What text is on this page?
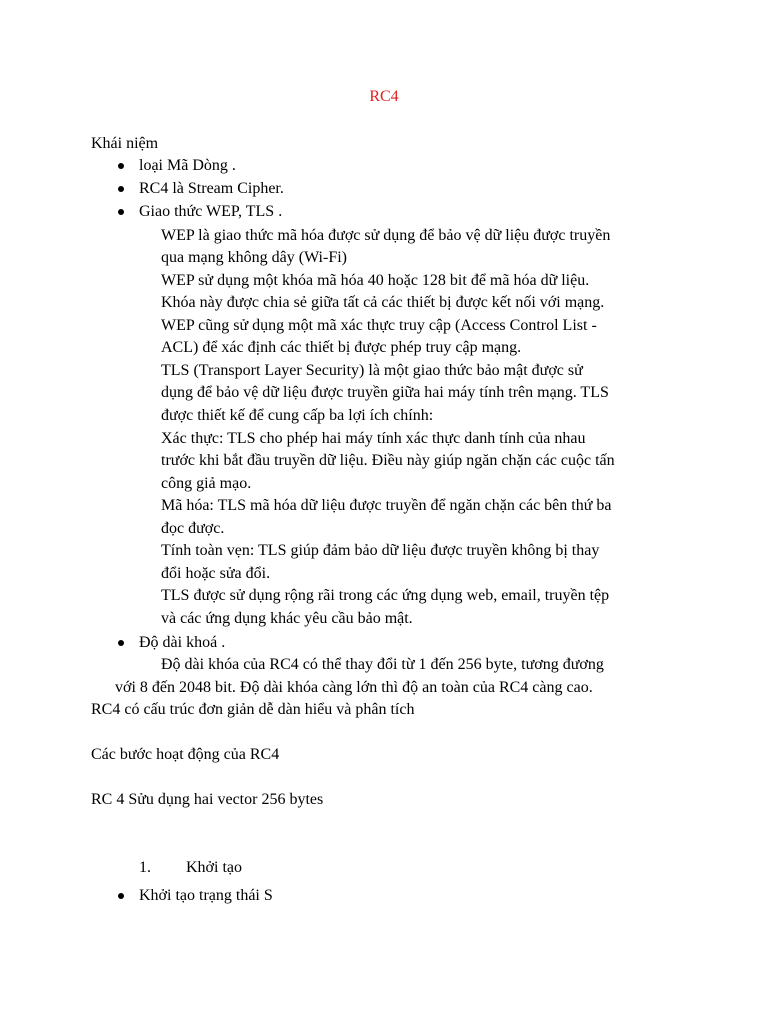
RC4
Khái niệm
loại Mã Dòng .
RC4 là Stream Cipher.
Giao thức WEP, TLS .
WEP là giao thức mã hóa được sử dụng để bảo vệ dữ liệu được truyền
qua mạng không dây (Wi-Fi)
WEP sử dụng một khóa mã hóa 40 hoặc 128 bit để mã hóa dữ liệu.
Khóa này được chia sẻ giữa tất cả các thiết bị được kết nối với mạng.
WEP cũng sử dụng một mã xác thực truy cập (Access Control List -
ACL) để xác định các thiết bị được phép truy cập mạng.
TLS (Transport Layer Security) là một giao thức bảo mật được sử
dụng để bảo vệ dữ liệu được truyền giữa hai máy tính trên mạng. TLS
được thiết kế để cung cấp ba lợi ích chính:
Xác thực: TLS cho phép hai máy tính xác thực danh tính của nhau
trước khi bắt đầu truyền dữ liệu. Điều này giúp ngăn chặn các cuộc tấn
công giả mạo.
Mã hóa: TLS mã hóa dữ liệu được truyền để ngăn chặn các bên thứ ba
đọc được.
Tính toàn vẹn: TLS giúp đảm bảo dữ liệu được truyền không bị thay
đổi hoặc sửa đổi.
TLS được sử dụng rộng rãi trong các ứng dụng web, email, truyền tệp
và các ứng dụng khác yêu cầu bảo mật.
Độ dài khoá .
Độ dài khóa của RC4 có thể thay đổi từ 1 đến 256 byte, tương đương
với 8 đến 2048 bit. Độ dài khóa càng lớn thì độ an toàn của RC4 càng cao.
RC4 có cấu trúc đơn giản dễ dàn hiểu và phân tích
Các bước hoạt động của RC4
RC 4 Sửu dụng hai vector 256 bytes
1. Khởi tạo
Khởi tạo trạng thái S
